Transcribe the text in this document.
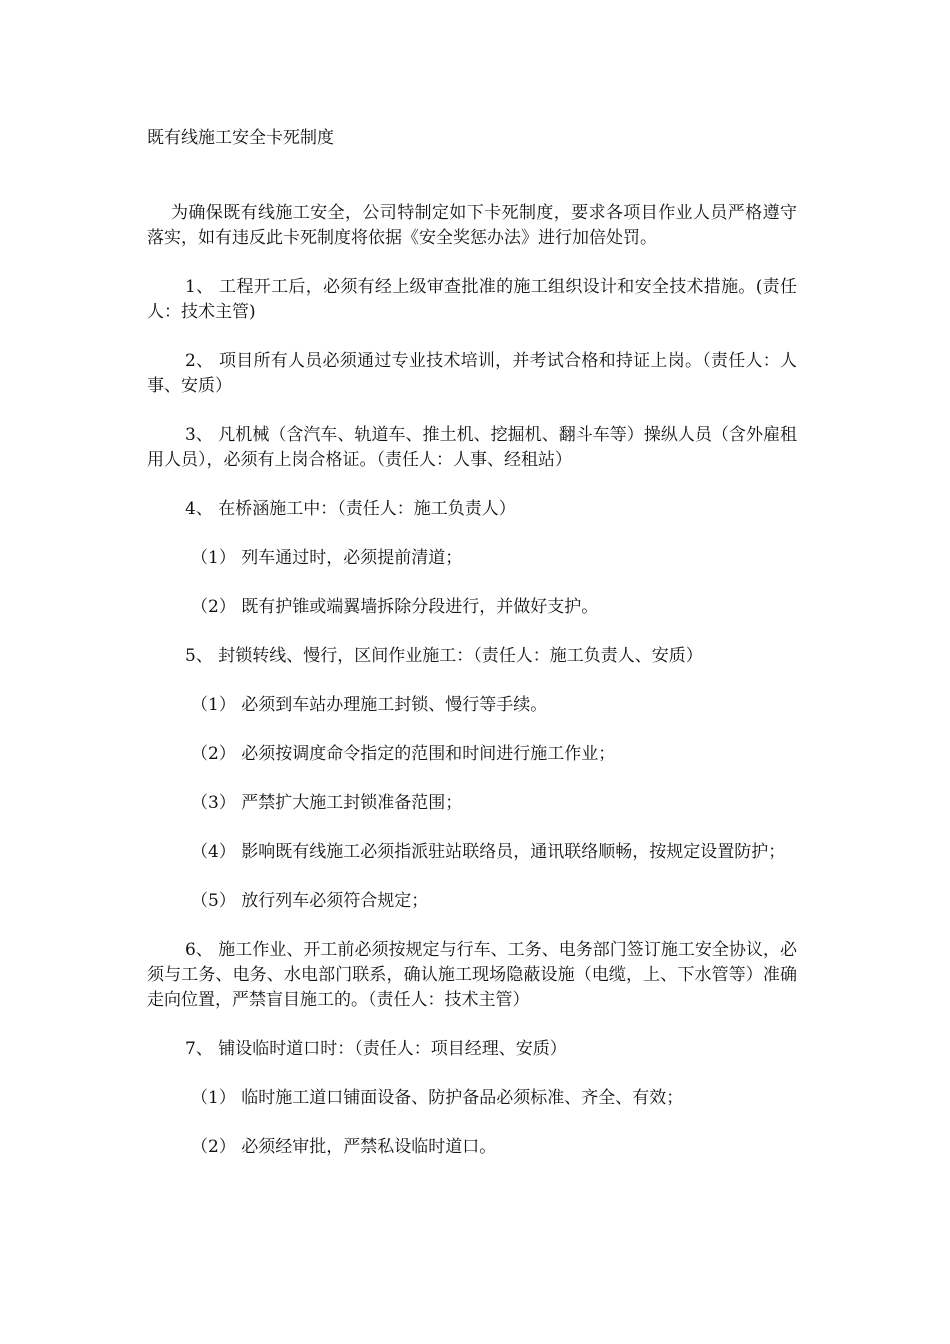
既有线施工安全卡死制度

为确保既有线施工安全，公司特制定如下卡死制度，要求各项目作业人员严格遵守落实，如有违反此卡死制度将依据《安全奖惩办法》进行加倍处罚。

1、 工程开工后，必须有经上级审查批准的施工组织设计和安全技术措施。(责任人：技术主管)

2、 项目所有人员必须通过专业技术培训，并考试合格和持证上岗。（责任人：人事、安质）

3、 凡机械（含汽车、轨道车、推土机、挖掘机、翻斗车等）操纵人员（含外雇租用人员），必须有上岗合格证。（责任人：人事、经租站）

4、 在桥涵施工中：（责任人：施工负责人）

（1） 列车通过时，必须提前清道；

（2） 既有护锥或端翼墙拆除分段进行，并做好支护。

5、 封锁转线、慢行，区间作业施工：（责任人：施工负责人、安质）

（1） 必须到车站办理施工封锁、慢行等手续。

（2） 必须按调度命令指定的范围和时间进行施工作业；

（3） 严禁扩大施工封锁准备范围；

（4） 影响既有线施工必须指派驻站联络员，通讯联络顺畅，按规定设置防护；

（5） 放行列车必须符合规定；

6、 施工作业、开工前必须按规定与行车、工务、电务部门签订施工安全协议，必须与工务、电务、水电部门联系，确认施工现场隐蔽设施（电缆，上、下水管等）准确走向位置，严禁盲目施工的。（责任人：技术主管）

7、 铺设临时道口时：（责任人：项目经理、安质）

（1） 临时施工道口铺面设备、防护备品必须标准、齐全、有效；

（2） 必须经审批，严禁私设临时道口。
